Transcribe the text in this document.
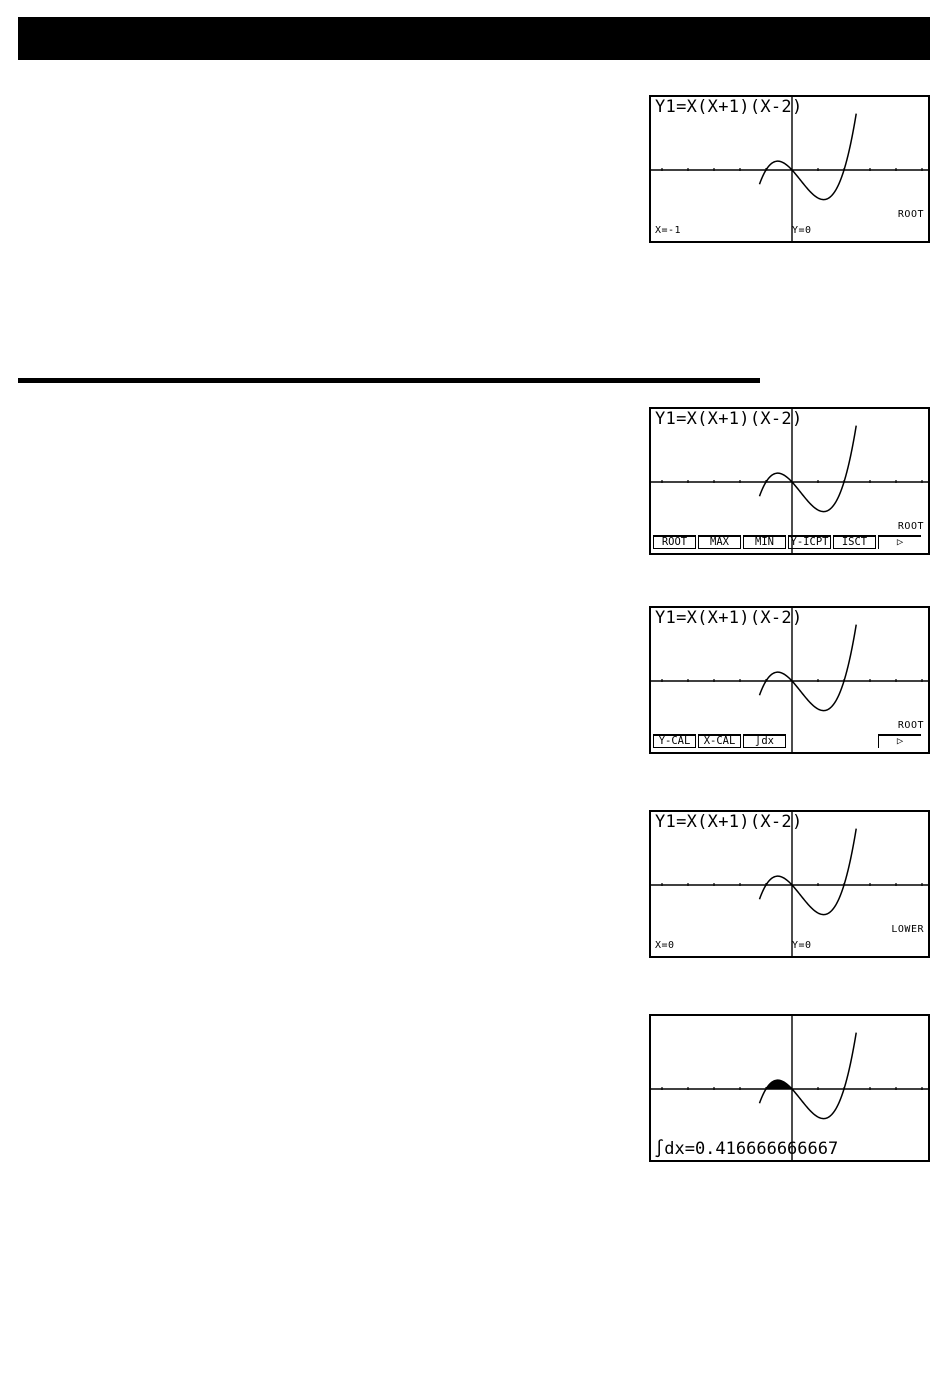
Y1=X(X+1)(X-2)
ROOT
X=-1	Y=0
Y1=X(X+1)(X-2)
ROOT
ROOT	MAX	MIN	Y-ICPT	ISCT	▷
Y1=X(X+1)(X-2)
ROOT
Y-CAL	X-CAL	∫dx	▷
Y1=X(X+1)(X-2)
LOWER
X=0	Y=0
∫dx=0.416666666667
